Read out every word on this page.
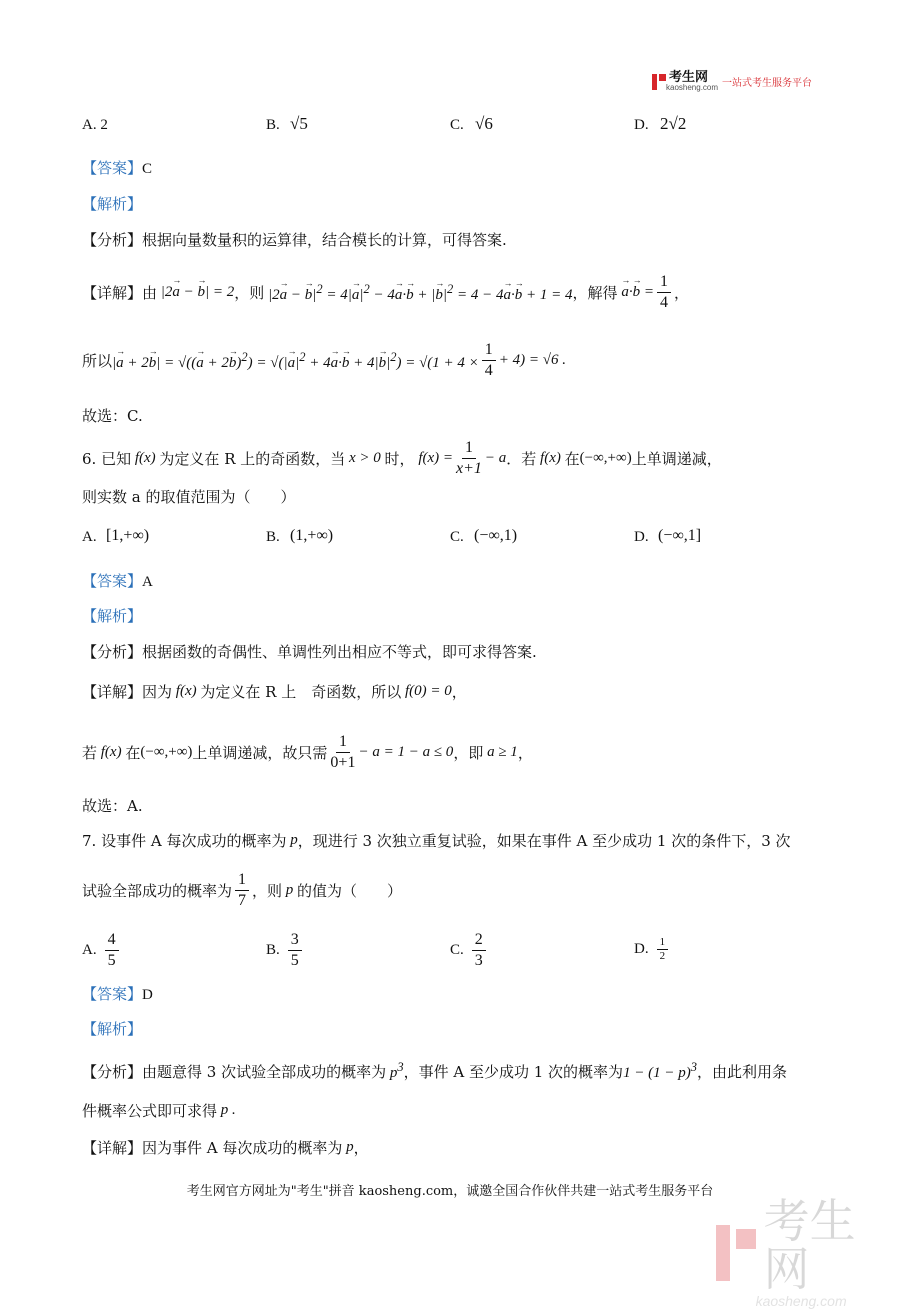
考生网
kaosheng.com 一站式考生服务平台
A. 2	B. √5	C. √6	D. 2√2
【答案】C
【解析】
【分析】根据向量数量积的运算律，结合模长的计算，可得答案.
【详解】 由 |2→ a − → b| = 2 ，则 |2→ a − → $b|^2 = 4|\to a|^2 - 4\to a\cdot\to b$ + |→ $b|^2 = 4 - 4\to a\cdot\to b + 1 = 4$ ，解得
→ $a\cdot\to b = \frac{1}{4}$ ，
所以 |→ a + 2→ b| = √((→ a + 2→ b)$^2$) = √(|→ $a|^2 + 4\to a\cdot\to b + 4|\to b|^2) = √(1 + 4 \times \frac{1}{4} + 4) = √6$ .
故选：C.
6. 已知 f(x) 为定义在 R 上的奇函数，当 x > 0 时， $f(x) = \frac{1}{x+1} - a$ ．若 f(x) 在 (−∞,+∞) 上单调递减，
则实数 a 的取值范围为（　　）
A. [1,+∞)	B. (1,+∞)	C. (−∞,1)	D. (−∞,1]
【答案】A
【解析】
【分析】根据函数的奇偶性、单调性列出相应不等式，即可求得答案.
【详解】 因为 f(x) 为定义在 R 上　奇函数，所以 f(0) = 0 ，
若 f(x) 在 (−∞,+∞) 上单调递减，故只需 $\frac{1}{0+1} - a = 1 - a \le 0$ ，即 a ≥ 1 ，
故选：A.
7. 设事件 A 每次成功的概率为 p ，现进行 3 次独立重复试验，如果在事件 A 至少成功 1 次的条件下，3 次
试验全部成功的概率为 $\frac{1}{7}$ ，则 p 的值为（　　）
A. $\frac{4}{5}$	B. $\frac{3}{5}$	C. $\frac{2}{3}$	D. $\frac{1}{2}$
【答案】D
【解析】
【分析】 由题意得 3 次试验全部成功的概率为 $p^3$ ，事件 A 至少成功 1 次的概率为 $1 - (1 - p)^3$ ，由此利用条
件概率公式即可求得 p .
【详解】 因为事件 A 每次成功的概率为 p ，
考生网官方网址为"考生"拼音 kaosheng.com，诚邀全国合作伙伴共建一站式考生服务平台
考生网
kaosheng.com
